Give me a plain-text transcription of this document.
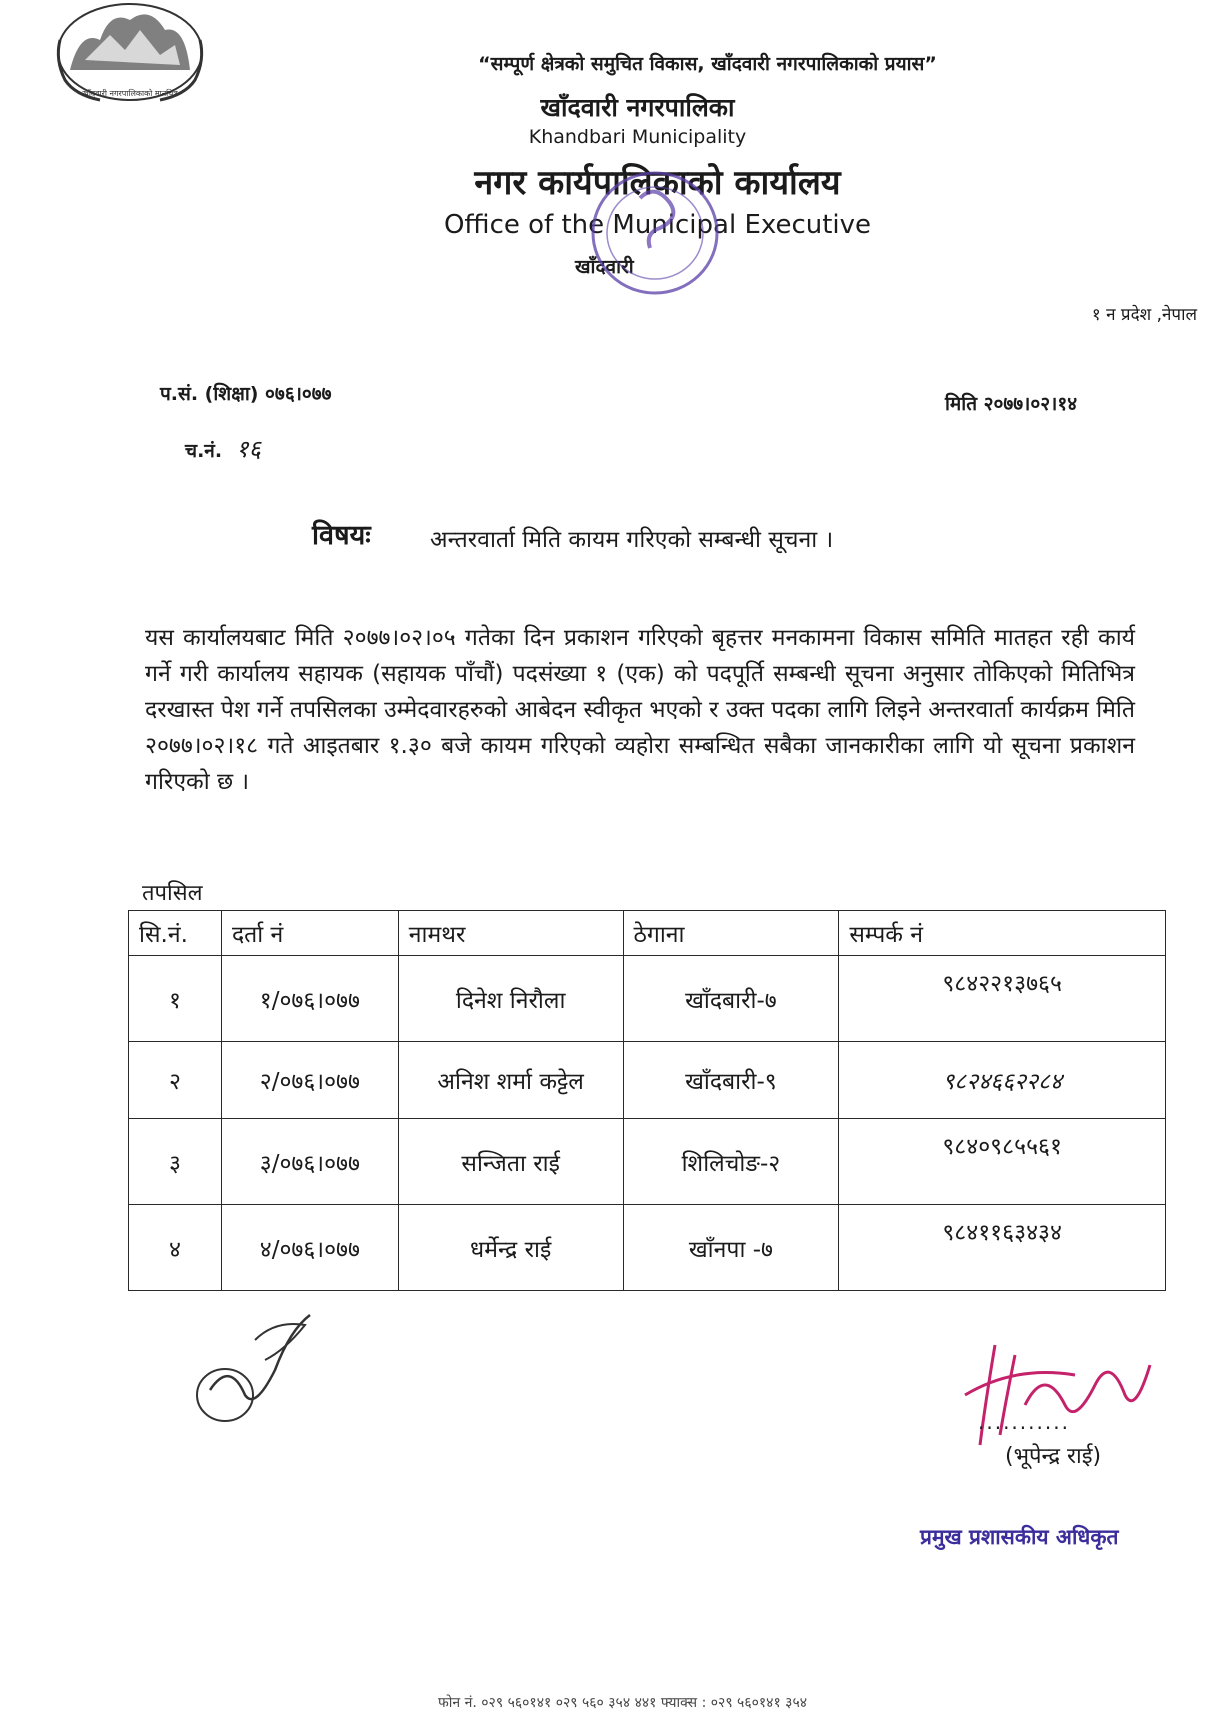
खाँदवारी नगरपालिकाको मानचित्र
“सम्पूर्ण क्षेत्रको समुचित विकास, खाँदवारी नगरपालिकाको प्रयास”
खाँदवारी नगरपालिका
Khandbari Municipality
नगर कार्यपालिकाको कार्यालय
Office of the Municipal Executive
खाँदवारी
१ न प्रदेश ,नेपाल
प.सं. (शिक्षा) ०७६।०७७	मिति २०७७।०२।१४
च.नं. १६
विषयः	अन्तरवार्ता मिति कायम गरिएको सम्बन्धी सूचना ।
यस कार्यालयबाट मिति २०७७।०२।०५ गतेका दिन प्रकाशन गरिएको बृहत्तर मनकामना विकास समिति मातहत रही कार्य गर्ने गरी कार्यालय सहायक (सहायक पाँचौं) पदसंख्या १ (एक) को पदपूर्ति सम्बन्धी सूचना अनुसार तोकिएको मितिभित्र दरखास्त पेश गर्ने तपसिलका उम्मेदवारहरुको आबेदन स्वीकृत भएको र उक्त पदका लागि लिइने अन्तरवार्ता कार्यक्रम मिति २०७७।०२।१८ गते आइतबार १.३० बजे कायम गरिएको व्यहोरा सम्बन्धित सबैका जानकारीका लागि यो सूचना प्रकाशन गरिएको छ ।
तपसिल
सि.नं.	दर्ता नं	नामथर	ठेगाना	सम्पर्क नं
१	१/०७६।०७७	दिनेश निरौला	खाँदबारी-७	९८४२२१३७६५
२	२/०७६।०७७	अनिश शर्मा कट्टेल	खाँदबारी-९	९८२४६६२२८४
३	३/०७६।०७७	सन्जिता राई	शिलिचोङ-२	९८४०९८५५६१
४	४/०७६।०७७	धर्मेन्द्र राई	खाँनपा -७	९८४११६३४३४
...........
(भूपेन्द्र राई)
प्रमुख प्रशासकीय अधिकृत
फोन नं. ०२९ ५६०१४१ ०२९ ५६० ३५४ ४४१ फ्याक्स : ०२९ ५६०१४१ ३५४
